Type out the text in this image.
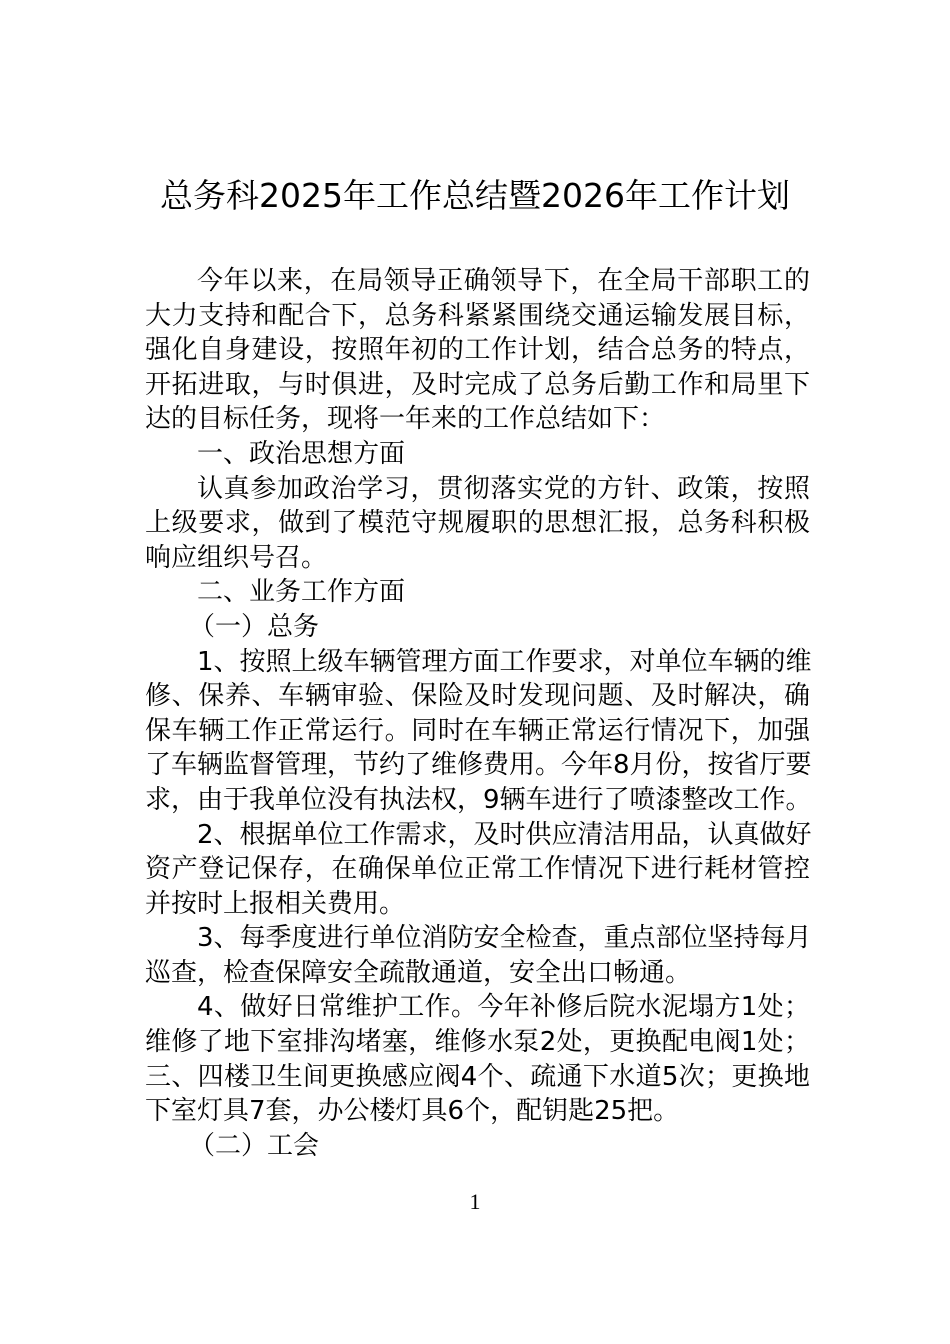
总务科2025年工作总结暨2026年工作计划
今年以来，在局领导正确领导下，在全局干部职工的
大力支持和配合下，总务科紧紧围绕交通运输发展目标，
强化自身建设，按照年初的工作计划，结合总务的特点，
开拓进取，与时俱进，及时完成了总务后勤工作和局里下
达的目标任务，现将一年来的工作总结如下：
一、政治思想方面
认真参加政治学习，贯彻落实党的方针、政策，按照
上级要求，做到了模范守规履职的思想汇报，总务科积极
响应组织号召。
二、业务工作方面
（一）总务
1、按照上级车辆管理方面工作要求，对单位车辆的维
修、保养、车辆审验、保险及时发现问题、及时解决，确
保车辆工作正常运行。同时在车辆正常运行情况下，加强
了车辆监督管理，节约了维修费用。今年8月份，按省厅要
求，由于我单位没有执法权，9辆车进行了喷漆整改工作。
2、根据单位工作需求，及时供应清洁用品，认真做好
资产登记保存，在确保单位正常工作情况下进行耗材管控
并按时上报相关费用。
3、每季度进行单位消防安全检查，重点部位坚持每月
巡查，检查保障安全疏散通道，安全出口畅通。
4、做好日常维护工作。今年补修后院水泥塌方1处；
维修了地下室排沟堵塞，维修水泵2处，更换配电阀1处；
三、四楼卫生间更换感应阀4个、疏通下水道5次；更换地
下室灯具7套，办公楼灯具6个，配钥匙25把。
（二）工会
1
